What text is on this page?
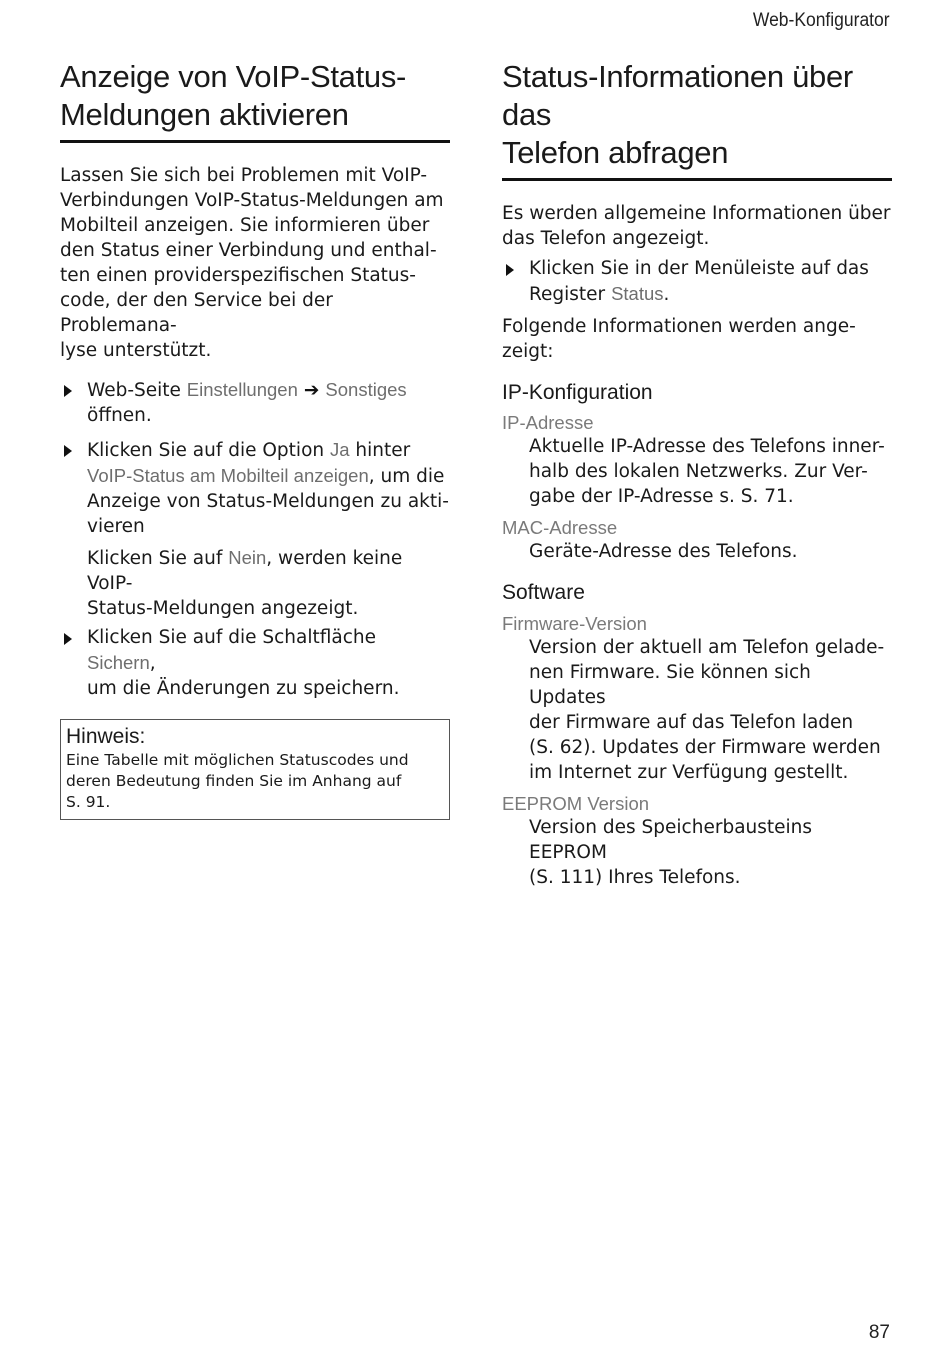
Web-Konfigurator
Anzeige von VoIP-Status-
Meldungen aktivieren

Lassen Sie sich bei Problemen mit VoIP-

Verbindungen VoIP-Status-Meldungen am

Mobilteil anzeigen. Sie informieren über

den Status einer Verbindung und enthal-

ten einen providerspezifischen Status-

code, der den Service bei der Problemana-

lyse unterstützt.

Web-Seite Einstellungen ➔ Sonstiges
öffnen.
Klicken Sie auf die Option Ja hinter
VoIP-Status am Mobilteil anzeigen, um die
Anzeige von Status-Meldungen zu akti-
vieren
Klicken Sie auf Nein, werden keine VoIP-
Status-Meldungen angezeigt.
Klicken Sie auf die Schaltfläche Sichern,
um die Änderungen zu speichern.
Hinweis:
Eine Tabelle mit möglichen Statuscodes und
deren Bedeutung finden Sie im Anhang auf
S. 91.
Status-Informationen über das
Telefon abfragen

Es werden allgemeine Informationen über

das Telefon angezeigt.

Klicken Sie in der Menüleiste auf das
Register Status.

Folgende Informationen werden ange-

zeigt:

IP-Konfiguration
IP-Adresse
Aktuelle IP-Adresse des Telefons inner-
halb des lokalen Netzwerks. Zur Ver-
gabe der IP-Adresse s. S. 71.
MAC-Adresse
Geräte-Adresse des Telefons.
Software
Firmware-Version
Version der aktuell am Telefon gelade-
nen Firmware. Sie können sich Updates
der Firmware auf das Telefon laden
(S. 62). Updates der Firmware werden
im Internet zur Verfügung gestellt.
EEPROM Version
Version des Speicherbausteins EEPROM
(S. 111) Ihres Telefons.
87
